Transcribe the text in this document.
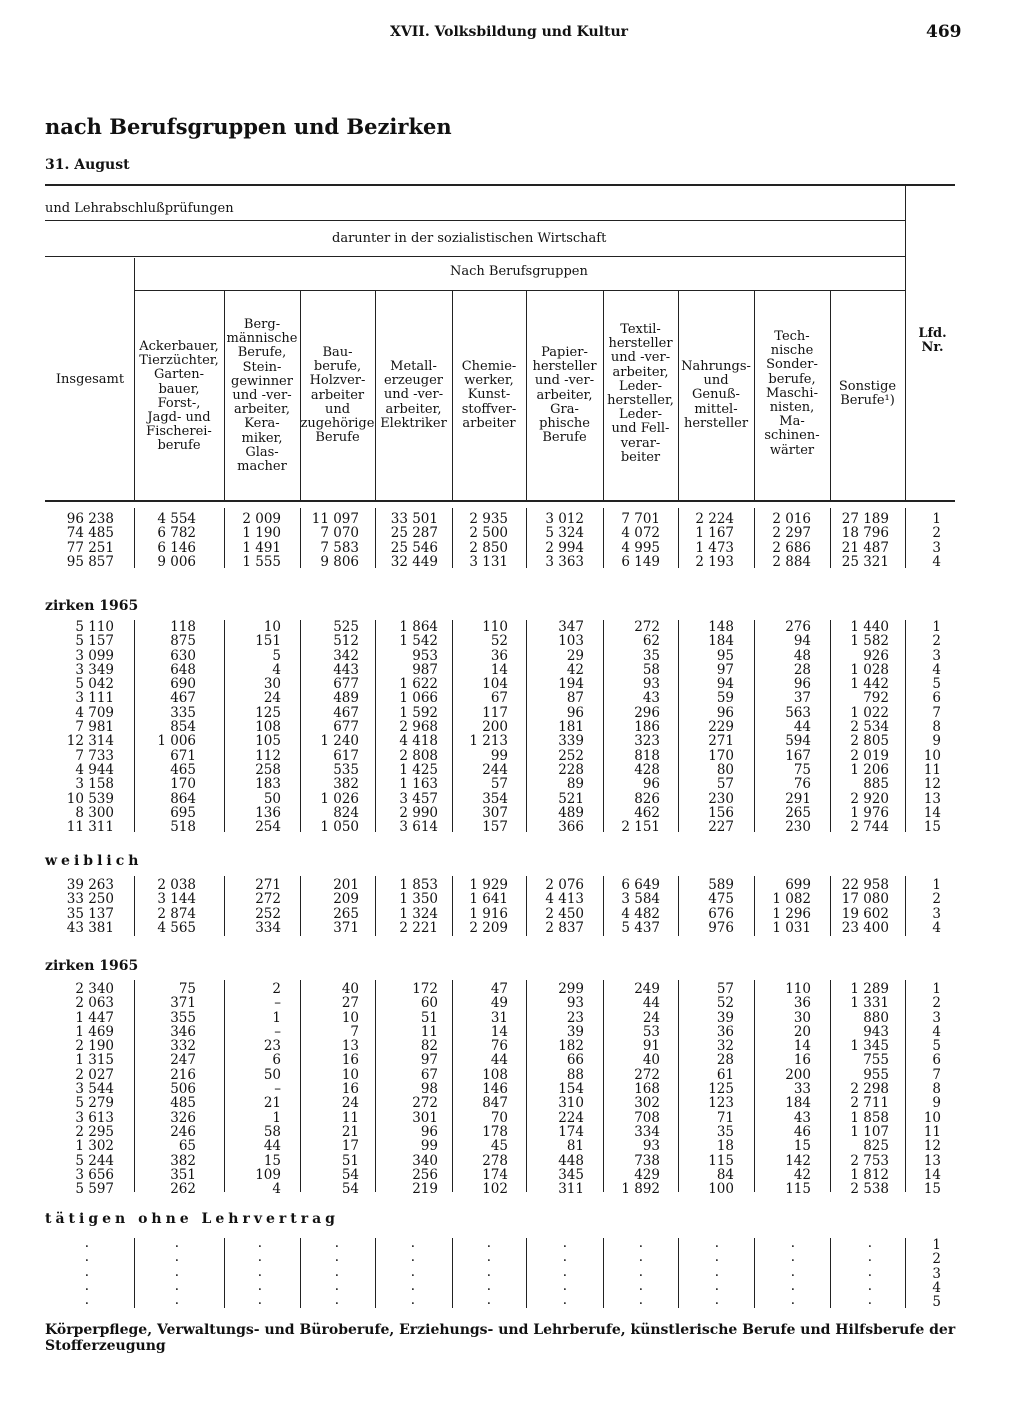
XVII. Volksbildung und Kultur	469
nach Berufsgruppen und Bezirken
31. August
und Lehrabschlußprüfungen
darunter in der sozialistischen Wirtschaft
Nach Berufsgruppen
Insgesamt
Ackerbauer,
Tierzüchter,
Garten-
bauer,
Forst-,
Jagd- und
Fischerei-
berufe
Berg-
männische
Berufe,
Stein-
gewinner
und -ver-
arbeiter,
Kera-
miker,
Glas-
macher
Bau-
berufe,
Holzver-
arbeiter
und
zugehörige
Berufe
Metall-
erzeuger
und -ver-
arbeiter,
Elektriker
Chemie-
werker,
Kunst-
stoffver-
arbeiter
Papier-
hersteller
und -ver-
arbeiter,
Gra-
phische
Berufe
Textil-
hersteller
und -ver-
arbeiter,
Leder-
hersteller,
Leder-
und Fell-
verar-
beiter
Nahrungs-
und
Genuß-
mittel-
hersteller
Tech-
nische
Sonder-
berufe,
Maschi-
nisten,
Ma-
schinen-
wärter
Sonstige
Berufe¹)
Lfd.
Nr.
96 238
74 485
77 251
95 857
4 554
6 782
6 146
9 006
2 009
1 190
1 491
1 555
11 097
7 070
7 583
9 806
33 501
25 287
25 546
32 449
2 935
2 500
2 850
3 131
3 012
5 324
2 994
3 363
7 701
4 072
4 995
6 149
2 224
1 167
1 473
2 193
2 016
2 297
2 686
2 884
27 189
18 796
21 487
25 321
1
2
3
4
zirken 1965
5 110
5 157
3 099
3 349
5 042
3 111
4 709
7 981
12 314
7 733
4 944
3 158
10 539
8 300
11 311
118
875
630
648
690
467
335
854
1 006
671
465
170
864
695
518
10
151
5
4
30
24
125
108
105
112
258
183
50
136
254
525
512
342
443
677
489
467
677
1 240
617
535
382
1 026
824
1 050
1 864
1 542
953
987
1 622
1 066
1 592
2 968
4 418
2 808
1 425
1 163
3 457
2 990
3 614
110
52
36
14
104
67
117
200
1 213
99
244
57
354
307
157
347
103
29
42
194
87
96
181
339
252
228
89
521
489
366
272
62
35
58
93
43
296
186
323
818
428
96
826
462
2 151
148
184
95
97
94
59
96
229
271
170
80
57
230
156
227
276
94
48
28
96
37
563
44
594
167
75
76
291
265
230
1 440
1 582
926
1 028
1 442
792
1 022
2 534
2 805
2 019
1 206
885
2 920
1 976
2 744
1
2
3
4
5
6
7
8
9
10
11
12
13
14
15
weiblich
39 263
33 250
35 137
43 381
2 038
3 144
2 874
4 565
271
272
252
334
201
209
265
371
1 853
1 350
1 324
2 221
1 929
1 641
1 916
2 209
2 076
4 413
2 450
2 837
6 649
3 584
4 482
5 437
589
475
676
976
699
1 082
1 296
1 031
22 958
17 080
19 602
23 400
1
2
3
4
zirken 1965
2 340
2 063
1 447
1 469
2 190
1 315
2 027
3 544
5 279
3 613
2 295
1 302
5 244
3 656
5 597
75
371
355
346
332
247
216
506
485
326
246
65
382
351
262
2
–
1
–
23
6
50
–
21
1
58
44
15
109
4
40
27
10
7
13
16
10
16
24
11
21
17
51
54
54
172
60
51
11
82
97
67
98
272
301
96
99
340
256
219
47
49
31
14
76
44
108
146
847
70
178
45
278
174
102
299
93
23
39
182
66
88
154
310
224
174
81
448
345
311
249
44
24
53
91
40
272
168
302
708
334
93
738
429
1 892
57
52
39
36
32
28
61
125
123
71
35
18
115
84
100
110
36
30
20
14
16
200
33
184
43
46
15
142
42
115
1 289
1 331
880
943
1 345
755
955
2 298
2 711
1 858
1 107
825
2 753
1 812
2 538
1
2
3
4
5
6
7
8
9
10
11
12
13
14
15
tätigen ohne Lehrvertrag
·
·
·
·
·
·
·
·
·
·
·
·
·
·
·
·
·
·
·
·
·
·
·
·
·
·
·
·
·
·
·
·
·
·
·
·
·
·
·
·
·
·
·
·
·
·
·
·
·
·
·
·
·
·
·
1
2
3
4
5
Körperpflege, Verwaltungs- und Büroberufe, Erziehungs- und Lehrberufe, künstlerische Berufe und Hilfsberufe der Stofferzeugung
